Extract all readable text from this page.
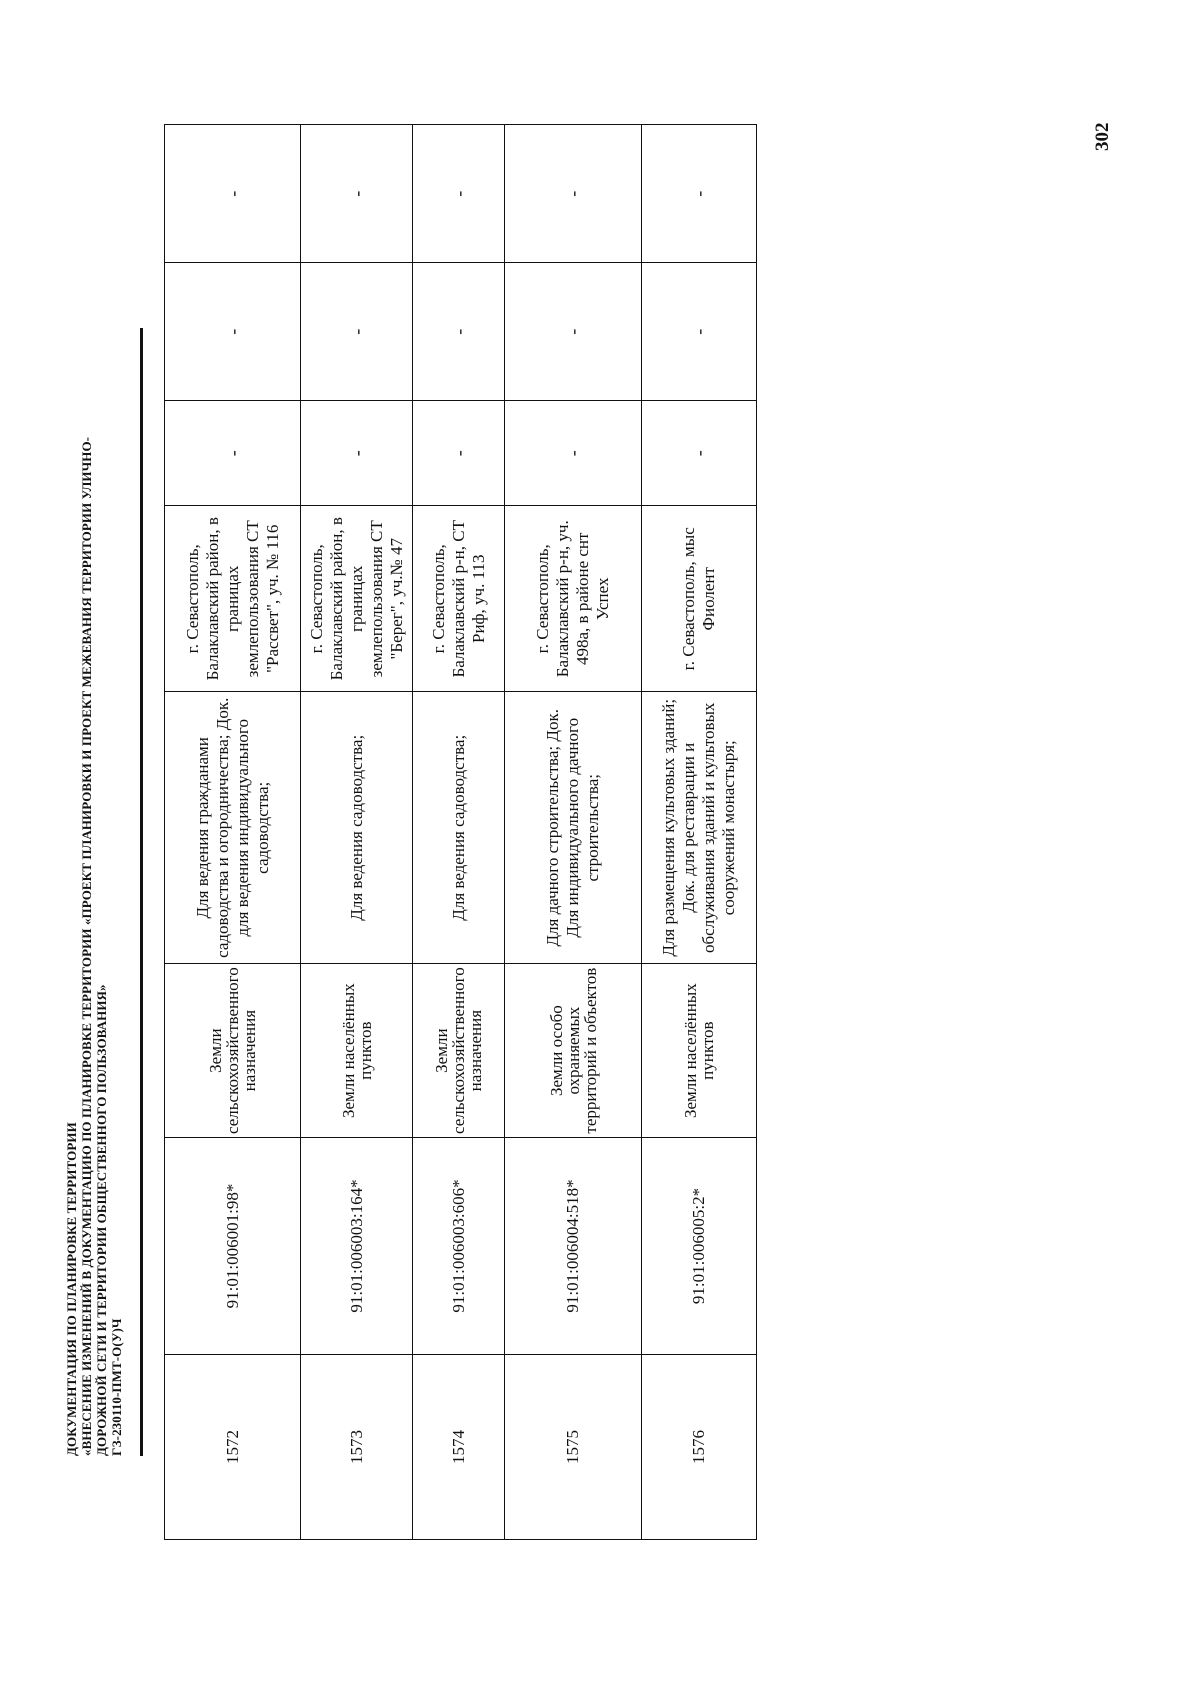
ДОКУМЕНТАЦИЯ ПО ПЛАНИРОВКЕ ТЕРРИТОРИИ «ВНЕСЕНИЕ ИЗМЕНЕНИЙ В ДОКУМЕНТАЦИЮ ПО ПЛАНИРОВКЕ ТЕРРИТОРИИ «ПРОЕКТ ПЛАНИРОВКИ И ПРОЕКТ МЕЖЕВАНИЯ ТЕРРИТОРИИ УЛИЧНО- ДОРОЖНОЙ СЕТИ И ТЕРРИТОРИИ ОБЩЕСТВЕННОГО ПОЛЬЗОВАНИЯ» ГЗ-230110-ПМТ-О(У)Ч
302
1572	91:01:006001:98*	Земли сельскохозяйственного назначения	Для ведения гражданами садоводства и огородничества; Док. для ведения индивидуального садоводства;	г. Севастополь, Балаклавский район, в границах землепользования СТ "Рассвет", уч. № 116	-	-	-
1573	91:01:006003:164*	Земли населённых пунктов	Для ведения садоводства;	г. Севастополь, Балаклавский район, в границах землепользования СТ "Берег", уч.№ 47	-	-	-
1574	91:01:006003:606*	Земли сельскохозяйственного назначения	Для ведения садоводства;	г. Севастополь, Балаклавский р-н, СТ Риф, уч. 113	-	-	-
1575	91:01:006004:518*	Земли особо охраняемых территорий и объектов	Для дачного строительства; Док. Для индивидуального дачного строительства;	г. Севастополь, Балаклавский р-н, уч. 498а, в районе снт Успех	-	-	-
1576	91:01:006005:2*	Земли населённых пунктов	Для размещения культовых зданий; Док. для реставрации и обслуживания зданий и культовых сооружений монастыря;	г. Севастополь, мыс Фиолент	-	-	-
